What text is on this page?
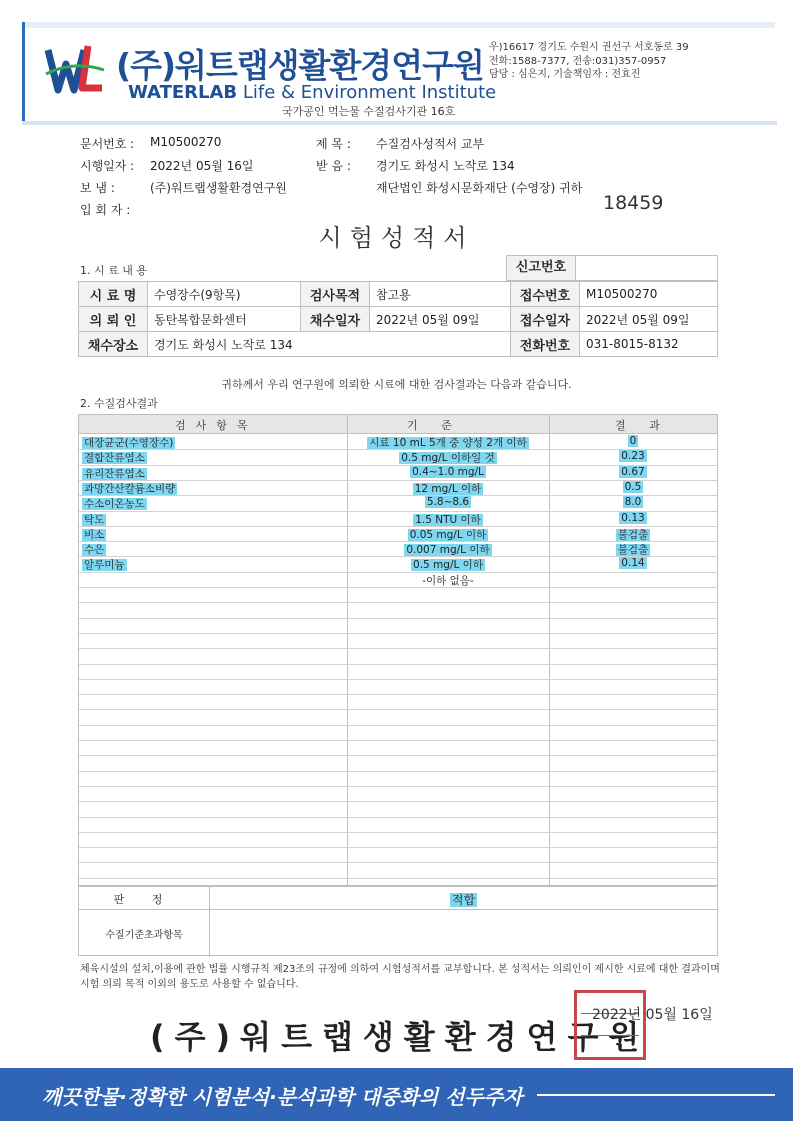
(주)워트랩생활환경연구원
WATERLAB Life & Environment Institute
국가공인 먹는물 수질검사기관 16호
우)16617 경기도 수원시 권선구 서호동로 39
전화:1588-7377, 전송:031)357-0957
담당 : 심은지, 기술책임자 : 전효진
문서번호 : M10500270
시행일자 : 2022년 05월 16일
보 냄 :	(주)워트랩생활환경연구원
입 회 자 :
제 목 : 수질검사성적서 교부
받 음 : 경기도 화성시 노작로 134
재단법인 화성시문화재단 (수영장) 귀하
18459
시험성적서
1. 시 료 내 용	신고번호
시 료 명	수영장수(9항목)	검사목적	참고용	접수번호	M10500270
의 뢰 인	동탄복합문화센터	채수일자	2022년 05월 09일	접수일자	2022년 05월 09일
채수장소	경기도 화성시 노작로 134			전화번호	031-8015-8132
귀하께서 우리 연구원에 의뢰한 시료에 대한 검사결과는 다음과 같습니다.
2. 수질검사결과
검사항목	기 준	결 과
대장균군(수영장수)	시료 10 mL 5개 중 양성 2개 이하	0
결합잔류염소	0.5 mg/L 이하일 것	0.23
유리잔류염소	0.4~1.0 mg/L	0.67
과망간산칼륨소비량	12 mg/L 이하	0.5
수소이온농도	5.8~8.6	8.0
탁도	1.5 NTU 이하	0.13
비소	0.05 mg/L 이하	불검출
수은	0.007 mg/L 이하	불검출
알루미늄	0.5 mg/L 이하	0.14
-이하 없음-
판 정	적합
수질기준초과항목
체육시설의 설치,이용에 관한 법률 시행규칙 제23조의 규정에 의하여 시험성적서를 교부합니다. 본 성적서는 의뢰인이 제시한 시료에 대한 결과이며 시험 의뢰 목적 이외의 용도로 사용할 수 없습니다.
(주)워트랩생활환경연구원
2022년 05월 16일
깨끗한물·정확한 시험분석·분석과학 대중화의 선두주자
